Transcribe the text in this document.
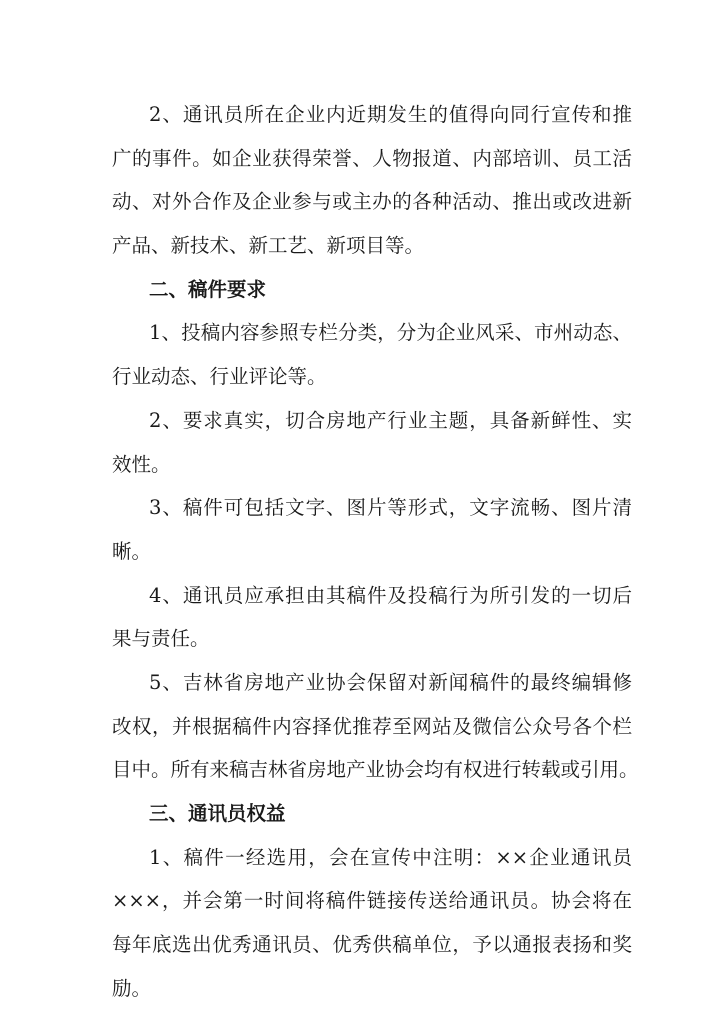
2、通讯员所在企业内近期发生的值得向同行宣传和推
广的事件。如企业获得荣誉、人物报道、内部培训、员工活
动、对外合作及企业参与或主办的各种活动、推出或改进新
产品、新技术、新工艺、新项目等。
二、稿件要求
1、投稿内容参照专栏分类，分为企业风采、市州动态、
行业动态、行业评论等。
2、要求真实，切合房地产行业主题，具备新鲜性、实
效性。
3、稿件可包括文字、图片等形式，文字流畅、图片清
晰。
4、通讯员应承担由其稿件及投稿行为所引发的一切后
果与责任。
5、吉林省房地产业协会保留对新闻稿件的最终编辑修
改权，并根据稿件内容择优推荐至网站及微信公众号各个栏
目中。所有来稿吉林省房地产业协会均有权进行转载或引用。
三、通讯员权益
1、稿件一经选用，会在宣传中注明：××企业通讯员
×××，并会第一时间将稿件链接传送给通讯员。协会将在
每年底选出优秀通讯员、优秀供稿单位，予以通报表扬和奖
励。
